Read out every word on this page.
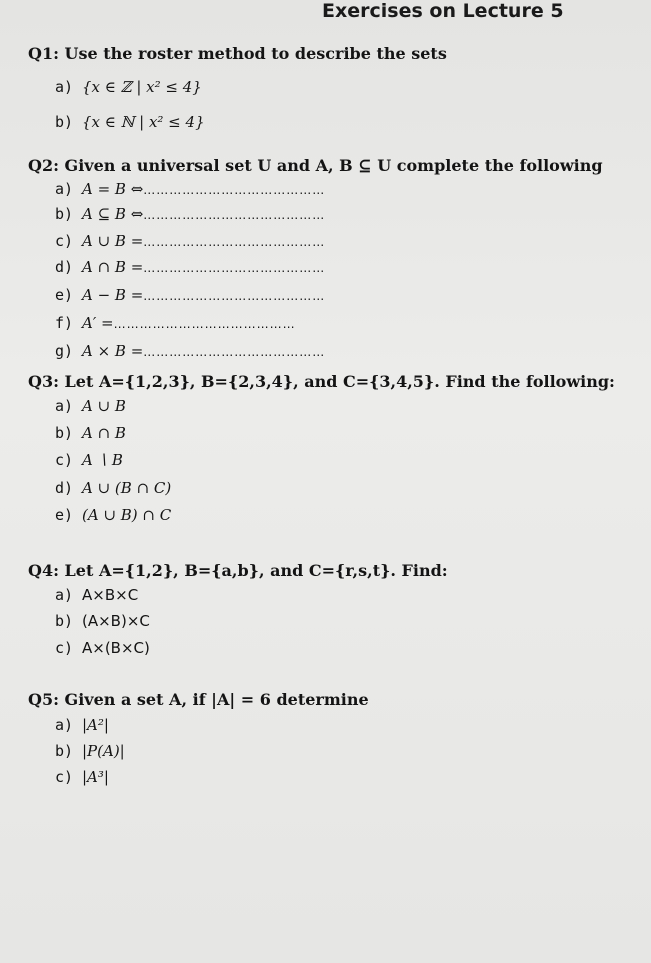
Exercises on Lecture 5
Q1: Use the roster method to describe the sets
a) {x ∈ ℤ | x² ≤ 4}
b) {x ∈ ℕ | x² ≤ 4}
Q2: Given a universal set U and A, B ⊆ U complete the following
a) A = B ⇔……………………………………
b) A ⊆ B ⇔……………………………………
c) A ∪ B =……………………………………
d) A ∩ B =……………………………………
e) A − B =……………………………………
f) A′ =……………………………………
g) A × B =……………………………………
Q3: Let A={1,2,3}, B={2,3,4}, and C={3,4,5}. Find the following:
a) A ∪ B
b) A ∩ B
c) A ∖ B
d) A ∪ (B ∩ C)
e) (A ∪ B) ∩ C
Q4: Let A={1,2}, B={a,b}, and C={r,s,t}. Find:
a) A×B×C
b) (A×B)×C
c) A×(B×C)
Q5: Given a set A, if |A| = 6 determine
a) |A²|
b) |P(A)|
c) |A³|
